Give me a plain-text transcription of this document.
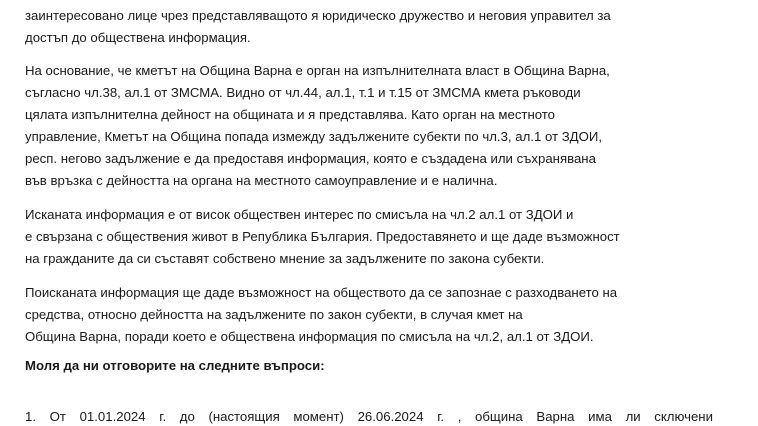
заинтересовано лице чрез представляващото я юридическо дружество и неговия управител за
достъп до обществена информация.
На основание, че кметът на Община Варна е орган на изпълнителната власт в Община Варна,
съгласно чл.38, ал.1 от ЗМСМА. Видно от чл.44, ал.1, т.1 и т.15 от ЗМСМА кмета ръководи
цялата изпълнителна дейност на общината и я представлява. Като орган на местното
управление, Кметът на Община попада измежду задължените субекти по чл.3, ал.1 от ЗДОИ,
респ. негово задължение е да предоставя информация, която е създадена или съхранявана
във връзка с дейността на органа на местното самоуправление и е налична.
Исканата информация е от висок обществен интерес по смисъла на чл.2 ал.1 от ЗДОИ и
е свързана с обществения живот в Република България. Предоставянето и ще даде възможност
на гражданите да си съставят собствено мнение за задължените по закона субекти.
Поисканата информация ще даде възможност на обществото да се запознае с разходването на
средства, относно дейността на задължените по закон субекти, в случая кмет на
Община Варна, поради което е обществена информация по смисъла на чл.2, ал.1 от ЗДОИ.
Моля да ни отговорите на следните въпроси:
1. От 01.01.2024 г. до (настоящия момент) 26.06.2024 г. , община Варна има ли сключени
